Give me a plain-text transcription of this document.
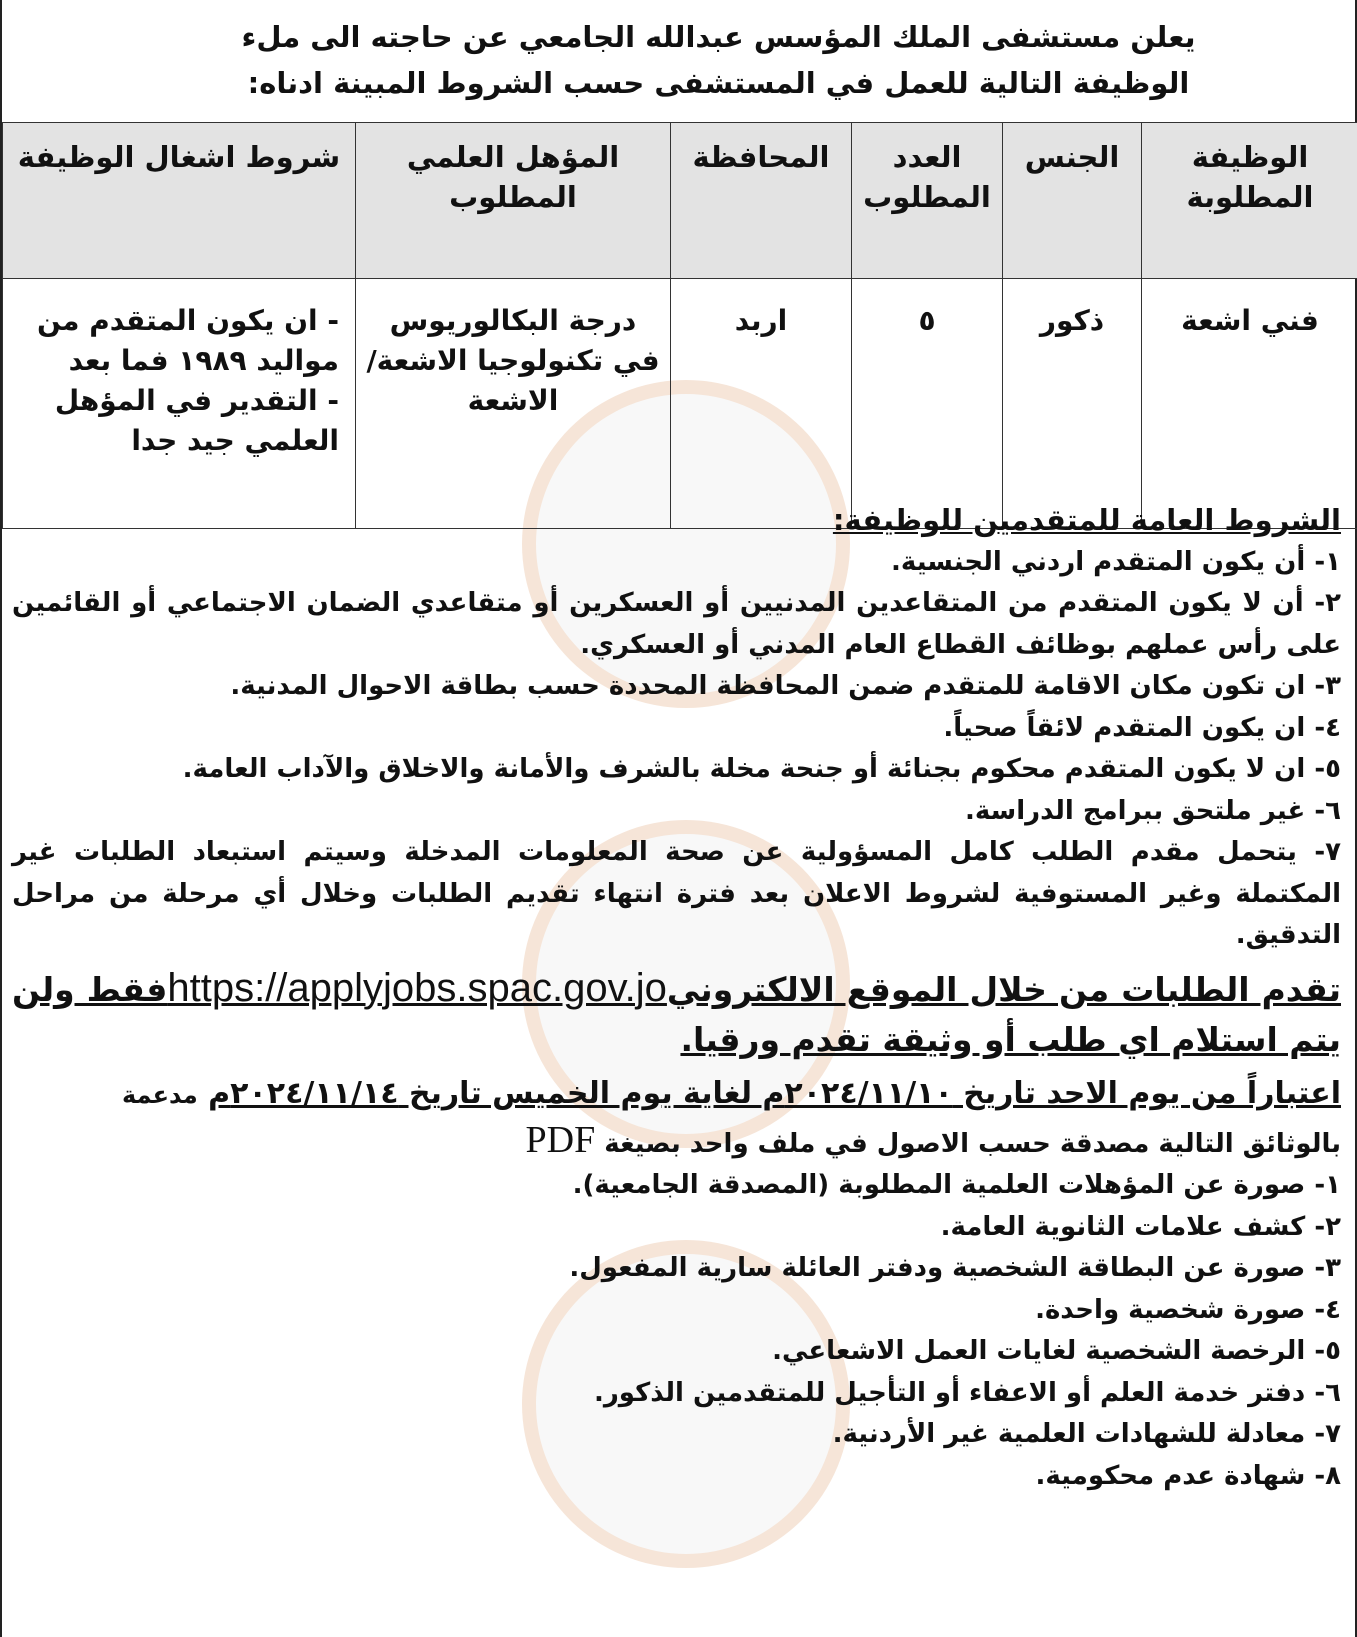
يعلن مستشفى الملك المؤسس عبدالله الجامعي عن حاجته الى ملء
الوظيفة التالية للعمل في المستشفى حسب الشروط المبينة ادناه:
الوظيفة المطلوبة	الجنس	العدد المطلوب	المحافظة	المؤهل العلمي المطلوب	شروط اشغال الوظيفة
فني اشعة	ذكور	٥	اربد	درجة البكالوريوس في تكنولوجيا الاشعة/ الاشعة	- ان يكون المتقدم من مواليد ١٩٨٩ فما بعد
- التقدير في المؤهل العلمي جيد جدا

الشروط العامة للمتقدمين للوظيفة:

١- أن يكون المتقدم اردني الجنسية.

٢- أن لا يكون المتقدم من المتقاعدين المدنيين أو العسكرين أو متقاعدي الضمان الاجتماعي أو القائمين على رأس عملهم بوظائف القطاع العام المدني أو العسكري.

٣- ان تكون مكان الاقامة للمتقدم ضمن المحافظة المحددة حسب بطاقة الاحوال المدنية.

٤- ان يكون المتقدم لائقاً صحياً.

٥- ان لا يكون المتقدم محكوم بجنائة أو جنحة مخلة بالشرف والأمانة والاخلاق والآداب العامة.

٦- غير ملتحق ببرامج الدراسة.

٧- يتحمل مقدم الطلب كامل المسؤولية عن صحة المعلومات المدخلة وسيتم استبعاد الطلبات غير المكتملة وغير المستوفية لشروط الاعلان بعد فترة انتهاء تقديم الطلبات وخلال أي مرحلة من مراحل التدقيق.

تقدم الطلبات من خلال الموقع الالكترونيhttps://applyjobs.spac.gov.joفقط ولن يتم استلام اي طلب أو وثيقة تقدم ورقيا.

اعتباراً من يوم الاحد تاريخ ٢٠٢٤/١١/١٠م لغاية يوم الخميس تاريخ ٢٠٢٤/١١/١٤م مدعمة

بالوثائق التالية مصدقة حسب الاصول في ملف واحد بصيغة PDF

١- صورة عن المؤهلات العلمية المطلوبة (المصدقة الجامعية).

٢- كشف علامات الثانوية العامة.

٣- صورة عن البطاقة الشخصية ودفتر العائلة سارية المفعول.

٤- صورة شخصية واحدة.

٥- الرخصة الشخصية لغايات العمل الاشعاعي.

٦- دفتر خدمة العلم أو الاعفاء أو التأجيل للمتقدمين الذكور.

٧- معادلة للشهادات العلمية غير الأردنية.

٨- شهادة عدم محكومية.
